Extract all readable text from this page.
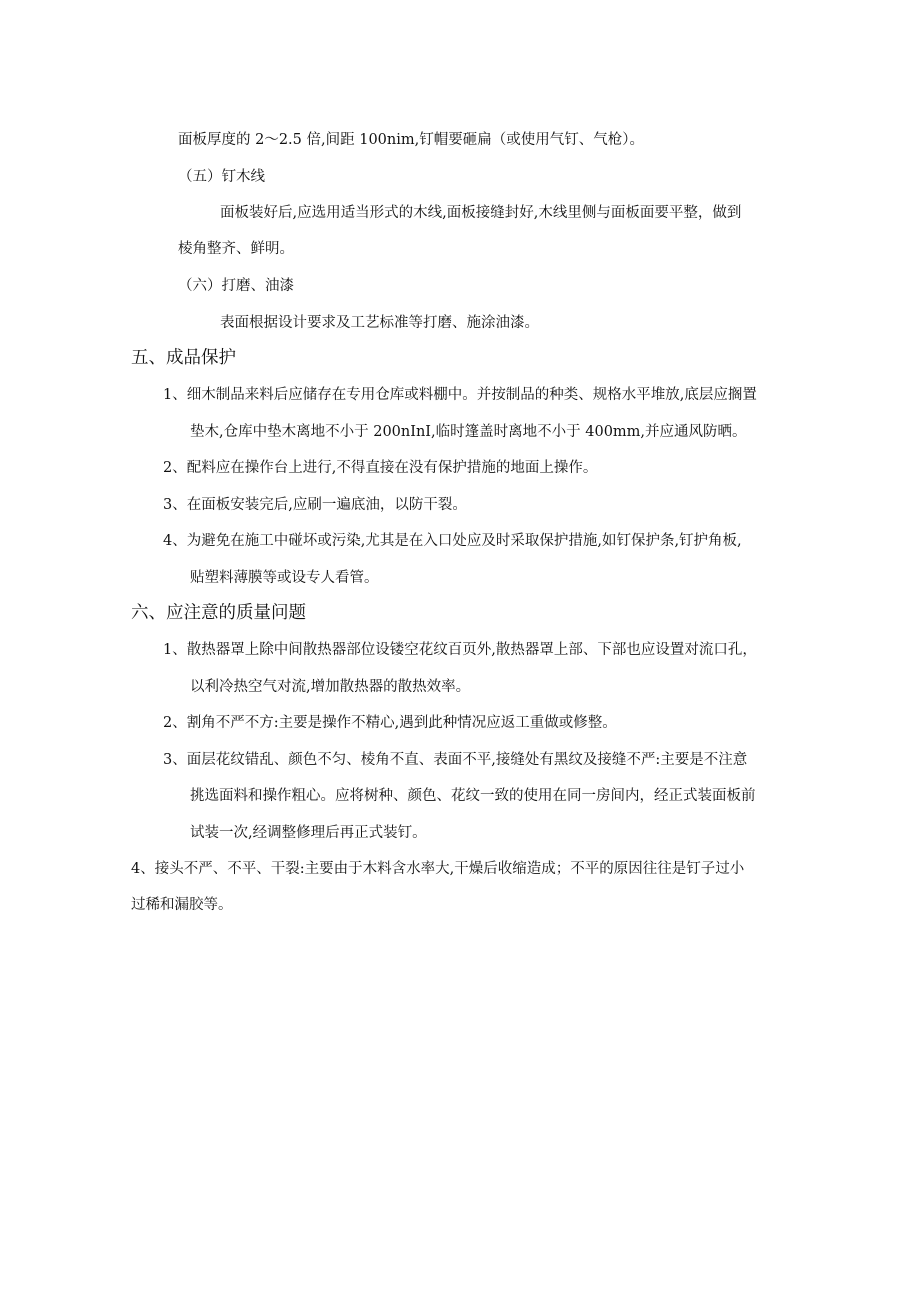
面板厚度的 2～2.5 倍,间距 100nim,钉帽要砸扁（或使用气钉、气枪）。
（五）钉木线
面板装好后,应选用适当形式的木线,面板接缝封好,木线里侧与面板面要平整，做到
棱角整齐、鲜明。
（六）打磨、油漆
表面根据设计要求及工艺标准等打磨、施涂油漆。
五、成品保护
1、细木制品来料后应储存在专用仓库或料棚中。并按制品的种类、规格水平堆放,底层应搁置
垫木,仓库中垫木离地不小于 200nInI,临时篷盖时离地不小于 400mm,并应通风防晒。
2、配料应在操作台上进行,不得直接在没有保护措施的地面上操作。
3、在面板安装完后,应刷一遍底油，以防干裂。
4、为避免在施工中碰坏或污染,尤其是在入口处应及时采取保护措施,如钉保护条,钉护角板,
贴塑料薄膜等或设专人看管。
六、应注意的质量问题
1、散热器罩上除中间散热器部位设镂空花纹百页外,散热器罩上部、下部也应设置对流口孔，
以利冷热空气对流,增加散热器的散热效率。
2、割角不严不方:主要是操作不精心,遇到此种情况应返工重做或修整。
3、面层花纹错乱、颜色不匀、棱角不直、表面不平,接缝处有黑纹及接缝不严:主要是不注意
挑选面料和操作粗心。应将树种、颜色、花纹一致的使用在同一房间内，经正式装面板前
试装一次,经调整修理后再正式装钉。
4、接头不严、不平、干裂:主要由于木料含水率大,干燥后收缩造成；不平的原因往往是钉子过小
过稀和漏胶等。
